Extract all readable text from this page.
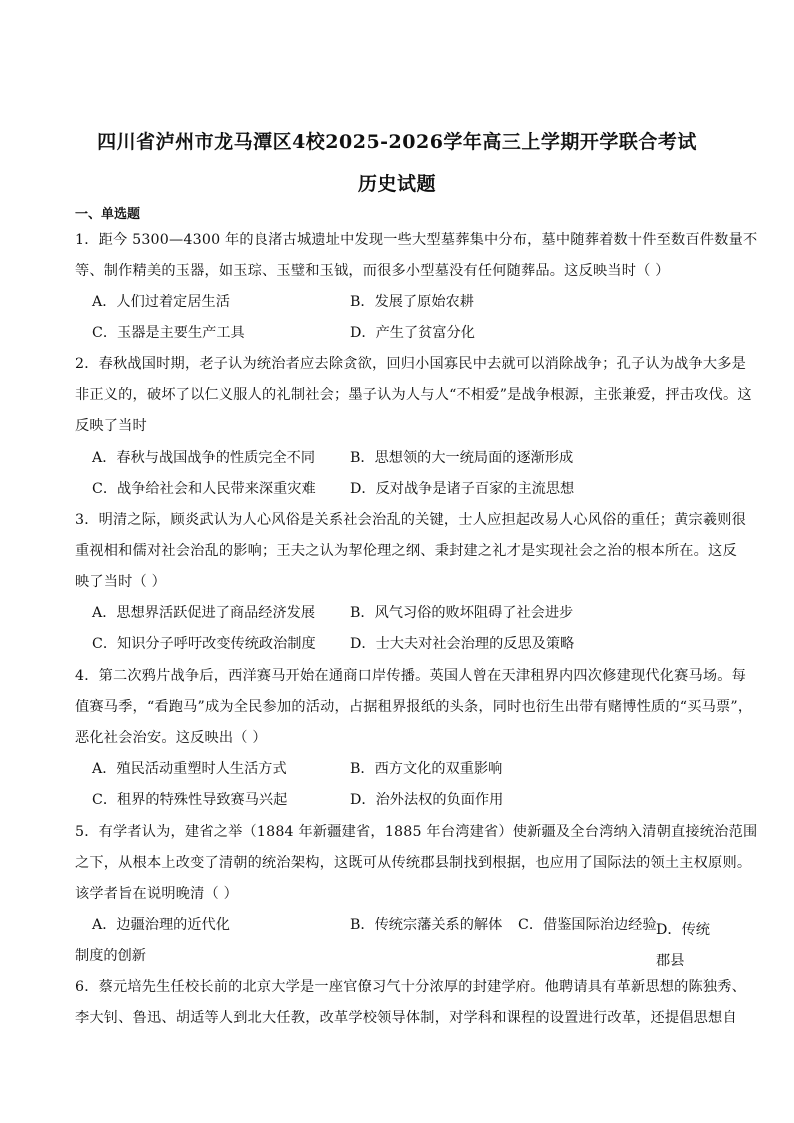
四川省泸州市龙马潭区4校2025-2026学年高三上学期开学联合考试
历史试题
一、单选题
1．距今 5300—4300 年的良渚古城遗址中发现一些大型墓葬集中分布，墓中随葬着数十件至数百件数量不
等、制作精美的玉器，如玉琮、玉璧和玉钺，而很多小型墓没有任何随葬品。这反映当时（ ）
A．人们过着定居生活	B．发展了原始农耕
C．玉器是主要生产工具	D．产生了贫富分化
2．春秋战国时期，老子认为统治者应去除贪欲，回归小国寡民中去就可以消除战争；孔子认为战争大多是
非正义的，破坏了以仁义服人的礼制社会；墨子认为人与人“不相爱”是战争根源，主张兼爱，抨击攻伐。这
反映了当时
A．春秋与战国战争的性质完全不同 B．思想领的大一统局面的逐渐形成
C．战争给社会和人民带来深重灾难 D．反对战争是诸子百家的主流思想
3．明清之际，顾炎武认为人心风俗是关系社会治乱的关键，士人应担起改易人心风俗的重任；黄宗羲则很
重视相和儒对社会治乱的影响；王夫之认为挈伦理之纲、秉封建之礼才是实现社会之治的根本所在。这反
映了当时（ ）
A．思想界活跃促进了商品经济发展 B．风气习俗的败坏阻碍了社会进步
C．知识分子呼吁改变传统政治制度 D．士大夫对社会治理的反思及策略
4．第二次鸦片战争后，西洋赛马开始在通商口岸传播。英国人曾在天津租界内四次修建现代化赛马场。每
值赛马季，“看跑马”成为全民参加的活动，占据租界报纸的头条，同时也衍生出带有赌博性质的“买马票”，
恶化社会治安。这反映出（ ）
A．殖民活动重塑时人生活方式	B．西方文化的双重影响
C．租界的特殊性导致赛马兴起	D．治外法权的负面作用
5．有学者认为，建省之举（1884 年新疆建省，1885 年台湾建省）使新疆及全台湾纳入清朝直接统治范围
之下，从根本上改变了清朝的统治架构，这既可从传统郡县制找到根据，也应用了国际法的领土主权原则。
该学者旨在说明晚清（ ）
A．边疆治理的近代化	B．传统宗藩关系的解体 C．借鉴国际治边经验 D．传统郡县
制度的创新
6．蔡元培先生任校长前的北京大学是一座官僚习气十分浓厚的封建学府。他聘请具有革新思想的陈独秀、
李大钊、鲁迅、胡适等人到北大任教，改革学校领导体制，对学科和课程的设置进行改革，还提倡思想自
